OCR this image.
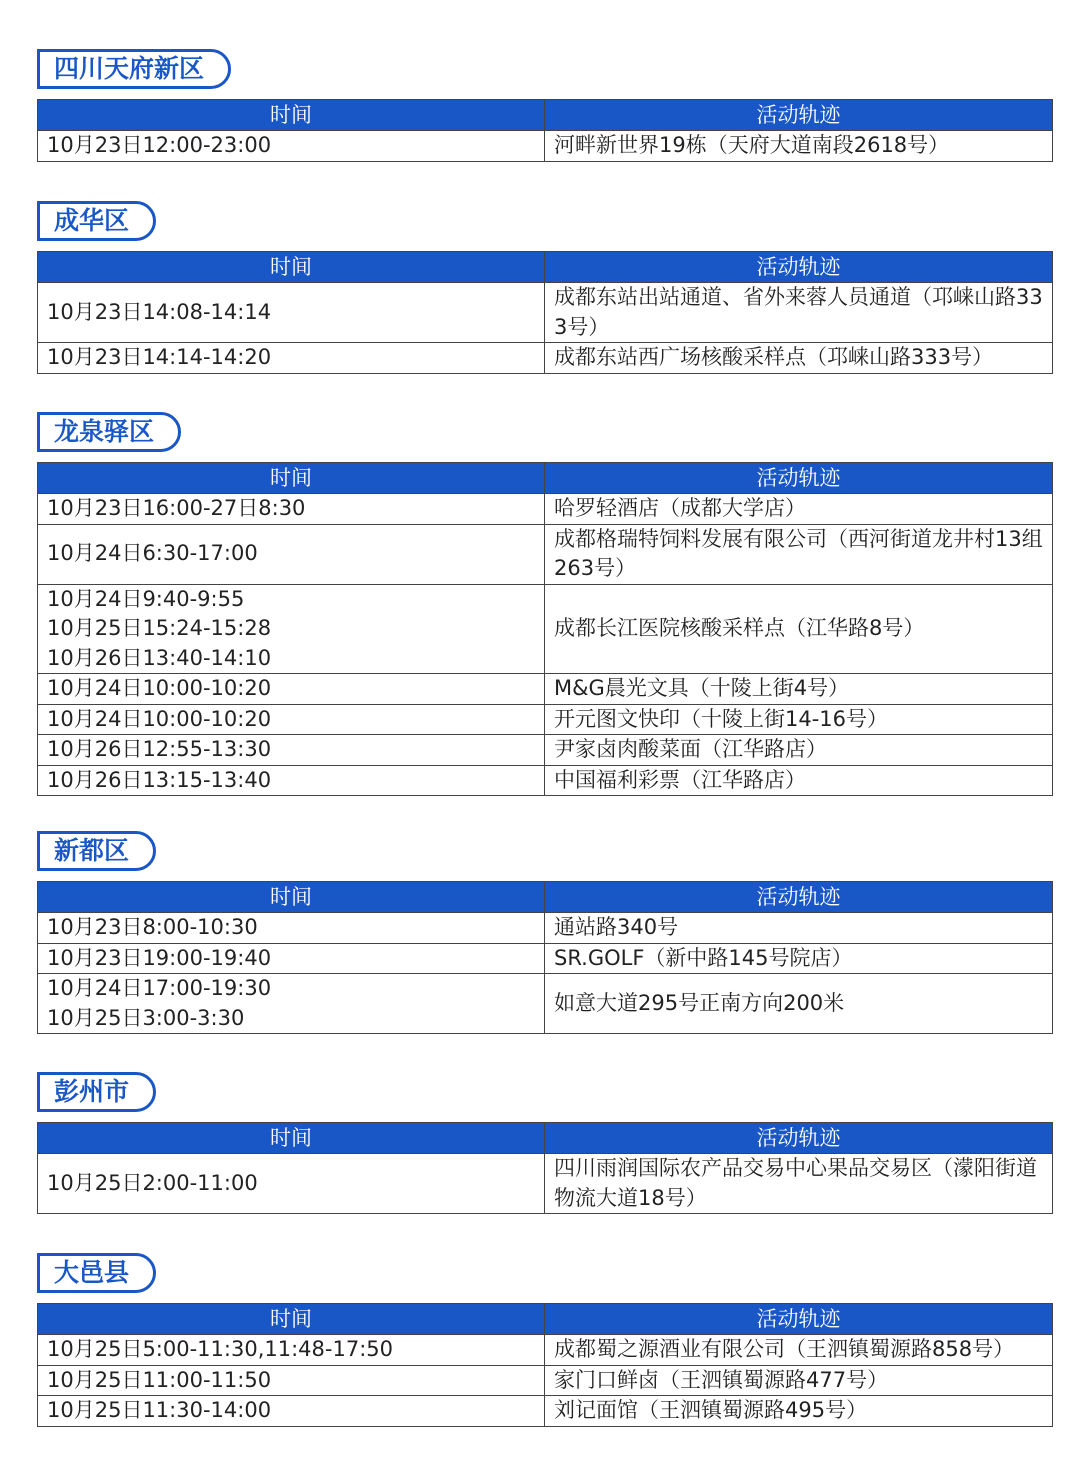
四川天府新区
时间	活动轨迹

10月23日12:00-23:00	河畔新世界19栋（天府大道南段2618号）
成华区
时间	活动轨迹

10月23日14:08-14:14	成都东站出站通道、省外来蓉人员通道（邛崃山路333号）

10月23日14:14-14:20	成都东站西广场核酸采样点（邛崃山路333号）
龙泉驿区
时间	活动轨迹

10月23日16:00-27日8:30	哈罗轻酒店（成都大学店）

10月24日6:30-17:00	成都格瑞特饲料发展有限公司（西河街道龙井村13组263号）

10月24日9:40-9:55
10月25日15:24-15:28
10月26日13:40-14:10	成都长江医院核酸采样点（江华路8号）

10月24日10:00-10:20	M&G晨光文具（十陵上街4号）

10月24日10:00-10:20	开元图文快印（十陵上街14-16号）

10月26日12:55-13:30	尹家卤肉酸菜面（江华路店）

10月26日13:15-13:40	中国福利彩票（江华路店）
新都区
时间	活动轨迹

10月23日8:00-10:30	通站路340号

10月23日19:00-19:40	SR.GOLF（新中路145号院店）

10月24日17:00-19:30
10月25日3:00-3:30	如意大道295号正南方向200米
彭州市
时间	活动轨迹

10月25日2:00-11:00	四川雨润国际农产品交易中心果品交易区（濛阳街道物流大道18号）
大邑县
时间	活动轨迹

10月25日5:00-11:30,11:48-17:50	成都蜀之源酒业有限公司（王泗镇蜀源路858号）

10月25日11:00-11:50	家门口鲜卤（王泗镇蜀源路477号）

10月25日11:30-14:00	刘记面馆（王泗镇蜀源路495号）
